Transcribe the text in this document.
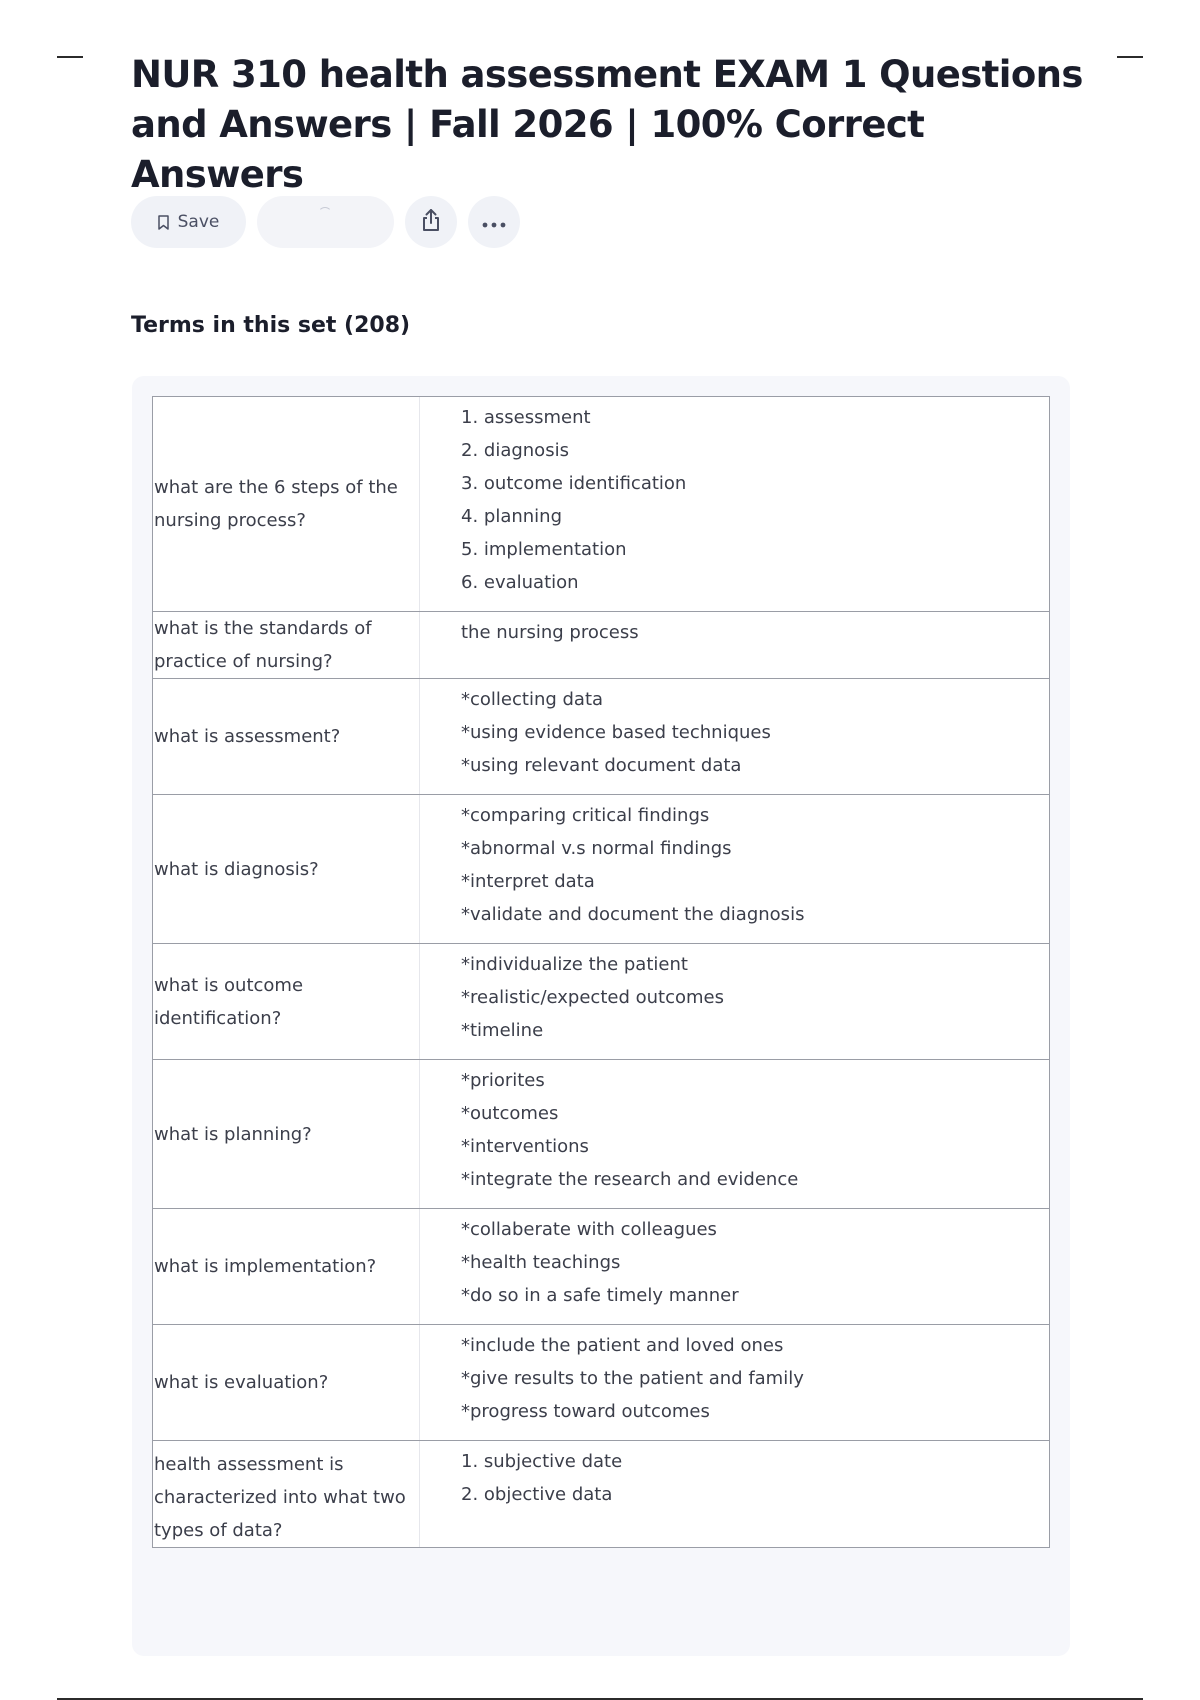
NUR 310 health assessment EXAM 1 Questions and Answers | Fall 2026 | 100% Correct Answers
Save
Terms in this set (208)
what are the 6 steps of the nursing process?
1. assessment
2. diagnosis
3. outcome identification
4. planning
5. implementation
6. evaluation
what is the standards of practice of nursing?
the nursing process
what is assessment?
*collecting data
*using evidence based techniques
*using relevant document data
what is diagnosis?
*comparing critical findings
*abnormal v.s normal findings
*interpret data
*validate and document the diagnosis
what is outcome identification?
*individualize the patient
*realistic/expected outcomes
*timeline
what is planning?
*priorites
*outcomes
*interventions
*integrate the research and evidence
what is implementation?
*collaberate with colleagues
*health teachings
*do so in a safe timely manner
what is evaluation?
*include the patient and loved ones
*give results to the patient and family
*progress toward outcomes
health assessment is characterized into what two types of data?
1. subjective date
2. objective data
